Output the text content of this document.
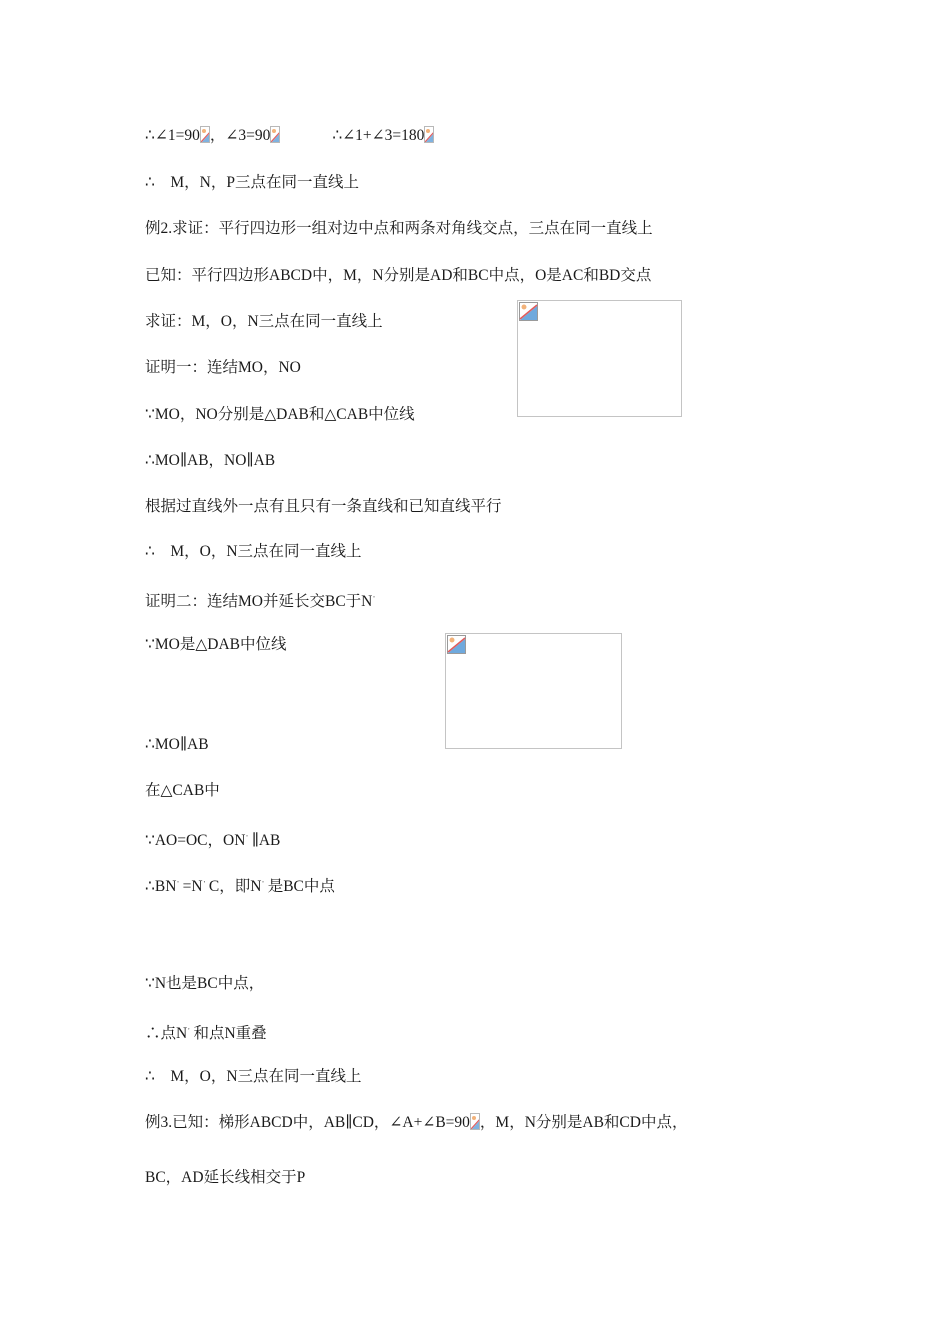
∴∠1=90 ，∠3=90	∴∠1+∠3=180
∴　M，N，P三点在同一直线上
例2.求证：平行四边形一组对边中点和两条对角线交点，三点在同一直线上
已知：平行四边形ABCD中，M，N分别是AD和BC中点，O是AC和BD交点
求证：M，O，N三点在同一直线上
证明一：连结MO，NO
∵MO，NO分别是△DAB和△CAB中位线
∴MO∥AB，NO∥AB
根据过直线外一点有且只有一条直线和已知直线平行
∴　M，O，N三点在同一直线上
证明二：连结MO并延长交BC于N'
∵MO是△DAB中位线
∴MO∥AB
在△CAB中
∵AO=OC，ON' ∥AB
∴BN' =N' C，即N' 是BC中点
∵N也是BC中点，
∴点N' 和点N重叠
∴　M，O，N三点在同一直线上
例3.已知：梯形ABCD中，AB∥CD，∠A+∠B=90 ，M，N分别是AB和CD中点，
BC，AD延长线相交于P
